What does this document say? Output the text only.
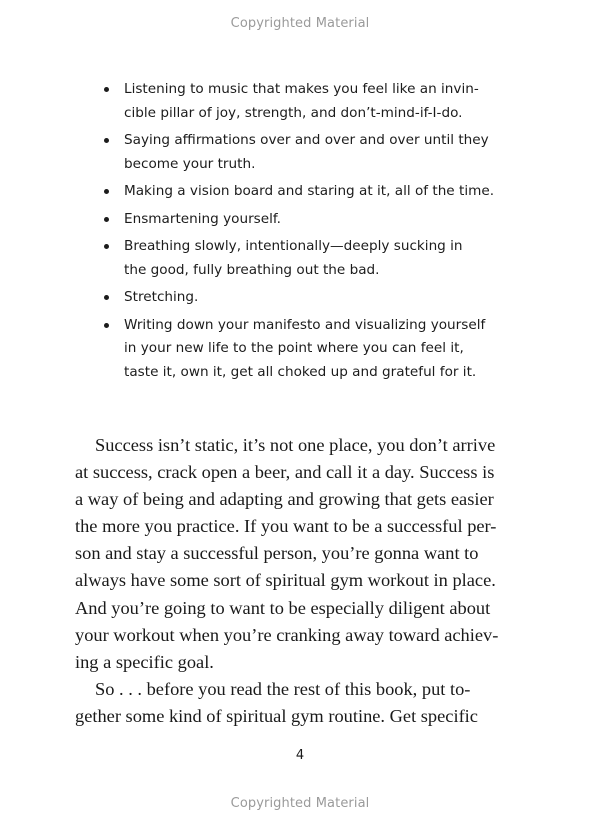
Copyrighted Material
Listening to music that makes you feel like an invin-
cible pillar of joy, strength, and don’t-mind-if-I-do.
Saying affirmations over and over and over until they
become your truth.
Making a vision board and staring at it, all of the time.
Ensmartening yourself.
Breathing slowly, intentionally—deeply sucking in
the good, fully breathing out the bad.
Stretching.
Writing down your manifesto and visualizing yourself
in your new life to the point where you can feel it,
taste it, own it, get all choked up and grateful for it.

Success isn’t static, it’s not one place, you don’t arrive
at success, crack open a beer, and call it a day. Success is
a way of being and adapting and growing that gets easier
the more you practice. If you want to be a successful per-
son and stay a successful person, you’re gonna want to
always have some sort of spiritual gym workout in place.
And you’re going to want to be especially diligent about
your workout when you’re cranking away toward achiev-
ing a specific goal.

So . . . before you read the rest of this book, put to-
gether some kind of spiritual gym routine. Get specific

4
Copyrighted Material
